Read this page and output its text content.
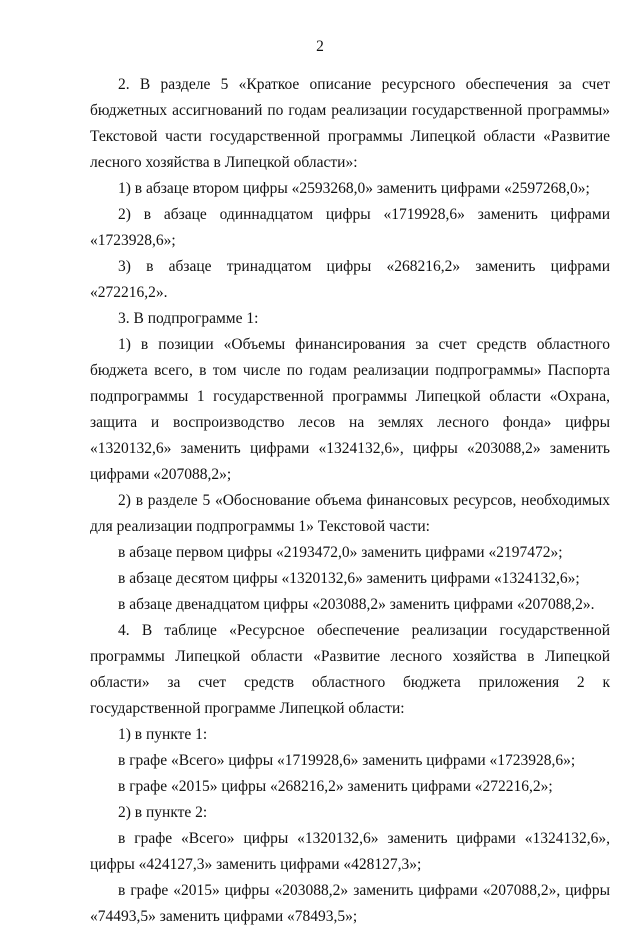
2

2. В разделе 5 «Краткое описание ресурсного обеспечения за счет бюджетных ассигнований по годам реализации государственной программы» Текстовой части государственной программы Липецкой области «Развитие лесного хозяйства в Липецкой области»:

1) в абзаце втором цифры «2593268,0» заменить цифрами «2597268,0»;

2) в абзаце одиннадцатом цифры «1719928,6» заменить цифрами «1723928,6»;

3) в абзаце тринадцатом цифры «268216,2» заменить цифрами «272216,2».

3. В подпрограмме 1:

1) в позиции «Объемы финансирования за счет средств областного бюджета всего, в том числе по годам реализации подпрограммы» Паспорта подпрограммы 1 государственной программы Липецкой области «Охрана, защита и воспроизводство лесов на землях лесного фонда» цифры «1320132,6» заменить цифрами «1324132,6», цифры «203088,2» заменить цифрами «207088,2»;

2) в разделе 5 «Обоснование объема финансовых ресурсов, необходимых для реализации подпрограммы 1» Текстовой части:

в абзаце первом цифры «2193472,0» заменить цифрами «2197472»;

в абзаце десятом цифры «1320132,6» заменить цифрами «1324132,6»;

в абзаце двенадцатом цифры «203088,2» заменить цифрами «207088,2».

4. В таблице «Ресурсное обеспечение реализации государственной программы Липецкой области «Развитие лесного хозяйства в Липецкой области» за счет средств областного бюджета приложения 2 к государственной программе Липецкой области:

1) в пункте 1:

в графе «Всего» цифры «1719928,6» заменить цифрами «1723928,6»;

в графе «2015» цифры «268216,2» заменить цифрами «272216,2»;

2) в пункте 2:

в графе «Всего» цифры «1320132,6» заменить цифрами «1324132,6», цифры «424127,3» заменить цифрами «428127,3»;

в графе «2015» цифры «203088,2» заменить цифрами «207088,2», цифры «74493,5» заменить цифрами «78493,5»;
